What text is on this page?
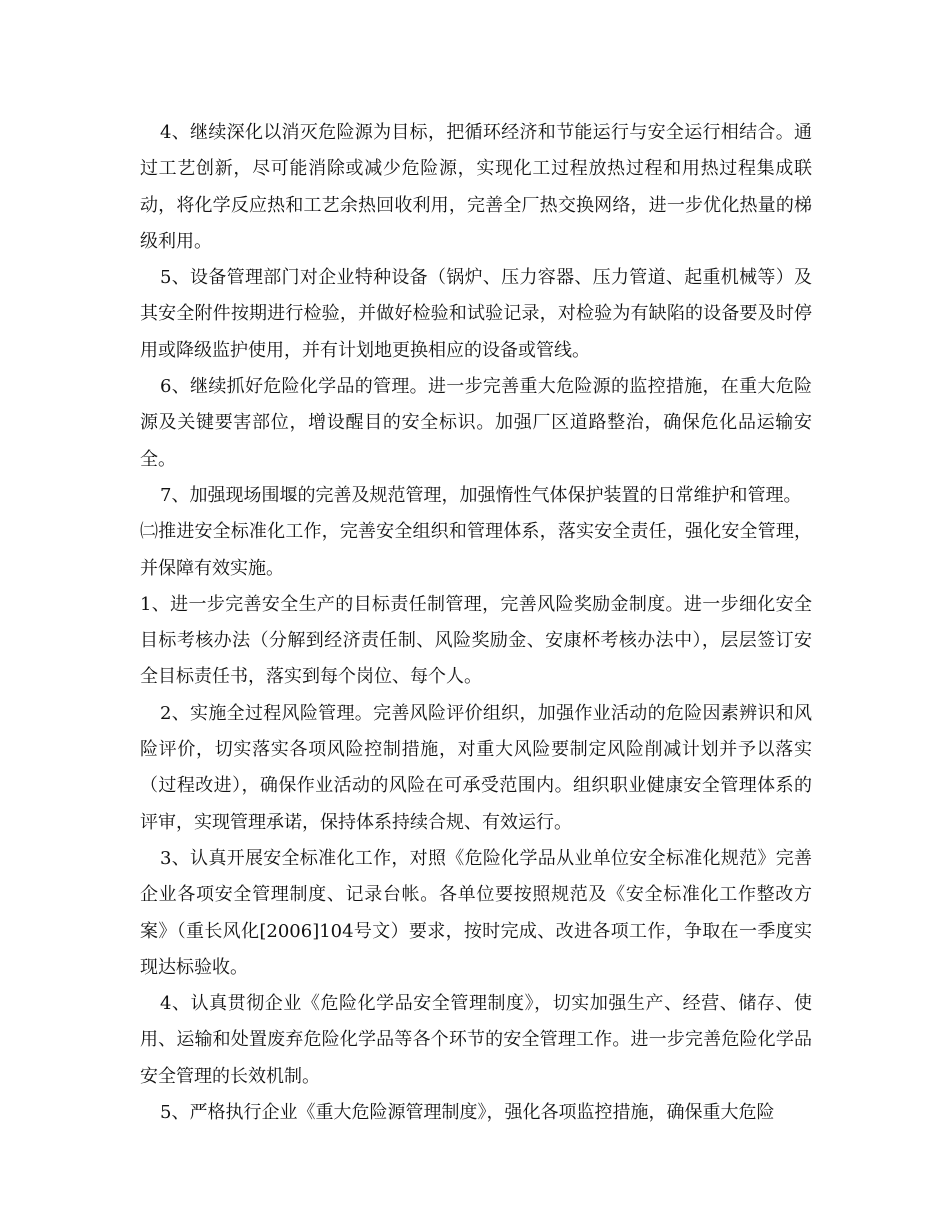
4、继续深化以消灭危险源为目标，把循环经济和节能运行与安全运行相结合。通过工艺创新，尽可能消除或减少危险源，实现化工过程放热过程和用热过程集成联动，将化学反应热和工艺余热回收利用，完善全厂热交换网络，进一步优化热量的梯级利用。

5、设备管理部门对企业特种设备（锅炉、压力容器、压力管道、起重机械等）及其安全附件按期进行检验，并做好检验和试验记录，对检验为有缺陷的设备要及时停用或降级监护使用，并有计划地更换相应的设备或管线。

6、继续抓好危险化学品的管理。进一步完善重大危险源的监控措施，在重大危险源及关键要害部位，增设醒目的安全标识。加强厂区道路整治，确保危化品运输安全。

7、加强现场围堰的完善及规范管理，加强惰性气体保护装置的日常维护和管理。

㈡推进安全标准化工作，完善安全组织和管理体系，落实安全责任，强化安全管理，并保障有效实施。

1、进一步完善安全生产的目标责任制管理，完善风险奖励金制度。进一步细化安全目标考核办法（分解到经济责任制、风险奖励金、安康杯考核办法中），层层签订安全目标责任书，落实到每个岗位、每个人。

2、实施全过程风险管理。完善风险评价组织，加强作业活动的危险因素辨识和风险评价，切实落实各项风险控制措施，对重大风险要制定风险削减计划并予以落实（过程改进），确保作业活动的风险在可承受范围内。组织职业健康安全管理体系的评审，实现管理承诺，保持体系持续合规、有效运行。

3、认真开展安全标准化工作，对照《危险化学品从业单位安全标准化规范》完善企业各项安全管理制度、记录台帐。各单位要按照规范及《安全标准化工作整改方案》（重长风化[2006]104号文）要求，按时完成、改进各项工作，争取在一季度实现达标验收。

4、认真贯彻企业《危险化学品安全管理制度》，切实加强生产、经营、储存、使用、运输和处置废弃危险化学品等各个环节的安全管理工作。进一步完善危险化学品安全管理的长效机制。

5、严格执行企业《重大危险源管理制度》，强化各项监控措施，确保重大危险
